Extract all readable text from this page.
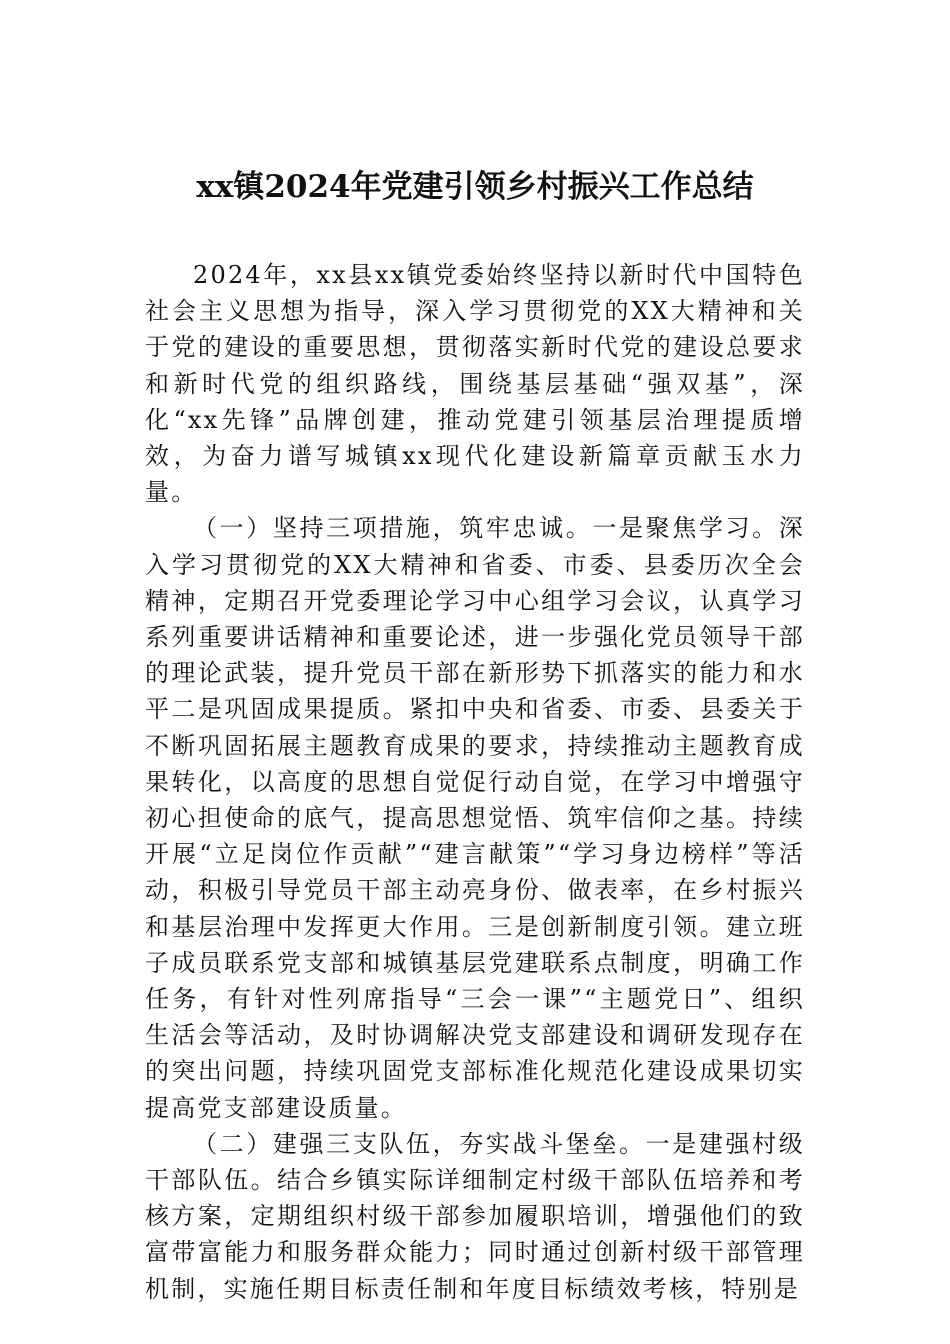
xx镇2024年党建引领乡村振兴工作总结

2024年，xx县xx镇党委始终坚持以新时代中国特色社会主义思想为指导，深入学习贯彻党的XX大精神和关于党的建设的重要思想，贯彻落实新时代党的建设总要求和新时代党的组织路线，围绕基层基础“强双基”，深化“xx先锋”品牌创建，推动党建引领基层治理提质增效，为奋力谱写城镇xx现代化建设新篇章贡献玉水力量。

（一）坚持三项措施，筑牢忠诚。一是聚焦学习。深入学习贯彻党的XX大精神和省委、市委、县委历次全会精神，定期召开党委理论学习中心组学习会议，认真学习系列重要讲话精神和重要论述，进一步强化党员领导干部的理论武装，提升党员干部在新形势下抓落实的能力和水平二是巩固成果提质。紧扣中央和省委、市委、县委关于不断巩固拓展主题教育成果的要求，持续推动主题教育成果转化，以高度的思想自觉促行动自觉，在学习中增强守初心担使命的底气，提高思想觉悟、筑牢信仰之基。持续开展“立足岗位作贡献”“建言献策”“学习身边榜样”等活动，积极引导党员干部主动亮身份、做表率，在乡村振兴和基层治理中发挥更大作用。三是创新制度引领。建立班子成员联系党支部和城镇基层党建联系点制度，明确工作任务，有针对性列席指导“三会一课”“主题党日”、组织生活会等活动，及时协调解决党支部建设和调研发现存在的突出问题，持续巩固党支部标准化规范化建设成果切实提高党支部建设质量。

（二）建强三支队伍，夯实战斗堡垒。一是建强村级干部队伍。结合乡镇实际详细制定村级干部队伍培养和考核方案，定期组织村级干部参加履职培训，增强他们的致富带富能力和服务群众能力；同时通过创新村级干部管理机制，实施任期目标责任制和年度目标绩效考核，特别是
